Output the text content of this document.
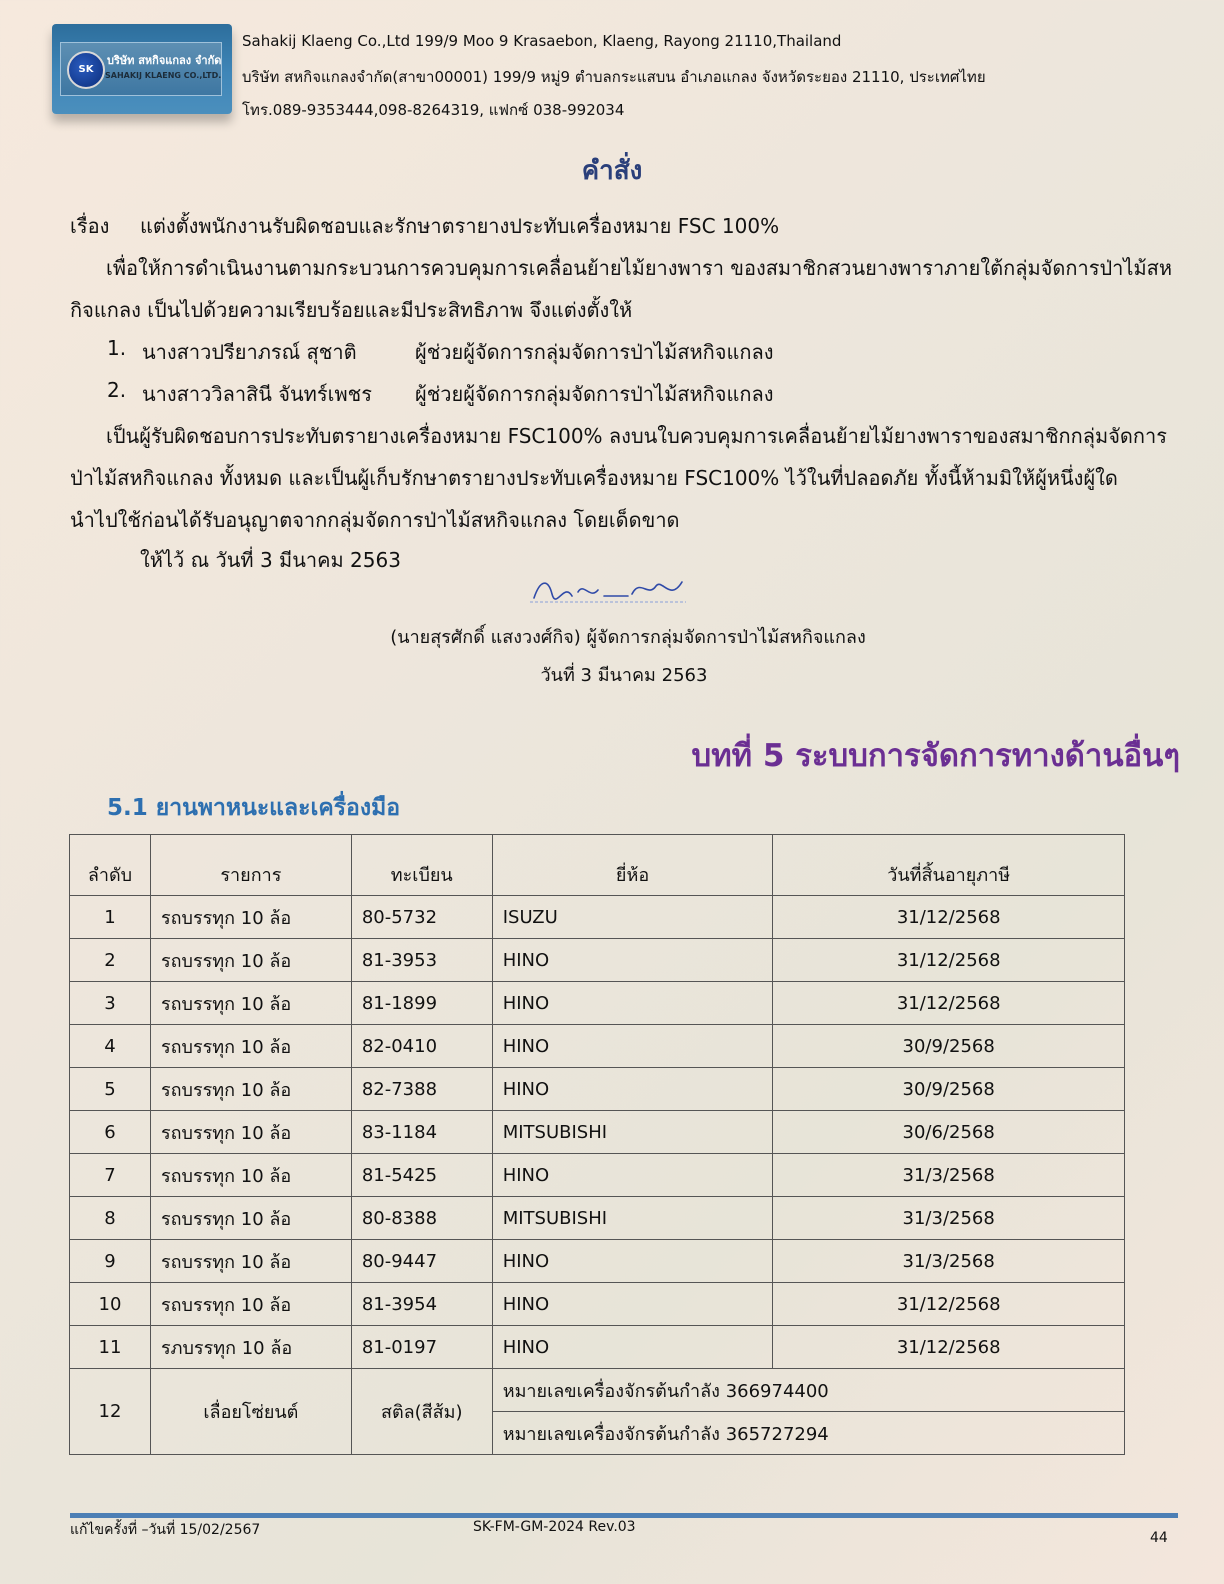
SK
บริษัท สหกิจแกลง จำกัด
SAHAKIJ KLAENG CO.,LTD.
Sahakij Klaeng Co.,Ltd 199/9 Moo 9 Krasaebon, Klaeng, Rayong 21110,Thailand
บริษัท สหกิจแกลงจำกัด(สาขา00001) 199/9 หมู่9 ตำบลกระแสบน อำเภอแกลง จังหวัดระยอง 21110, ประเทศไทย
โทร.089-9353444,098-8264319, แฟกซ์ 038-992034
คำสั่ง
เรื่อง แต่งตั้งพนักงานรับผิดชอบและรักษาตรายางประทับเครื่องหมาย FSC 100%
เพื่อให้การดำเนินงานตามกระบวนการควบคุมการเคลื่อนย้ายไม้ยางพารา ของสมาชิกสวนยางพาราภายใต้กลุ่มจัดการป่าไม้สห
กิจแกลง เป็นไปด้วยความเรียบร้อยและมีประสิทธิภาพ จึงแต่งตั้งให้
1. นางสาวปรียาภรณ์ สุชาติ	ผู้ช่วยผู้จัดการกลุ่มจัดการป่าไม้สหกิจแกลง
2. นางสาววิลาสินี จันทร์เพชร ผู้ช่วยผู้จัดการกลุ่มจัดการป่าไม้สหกิจแกลง
เป็นผู้รับผิดชอบการประทับตรายางเครื่องหมาย FSC100% ลงบนใบควบคุมการเคลื่อนย้ายไม้ยางพาราของสมาชิกกลุ่มจัดการ
ป่าไม้สหกิจแกลง ทั้งหมด และเป็นผู้เก็บรักษาตรายางประทับเครื่องหมาย FSC100% ไว้ในที่ปลอดภัย ทั้งนี้ห้ามมิให้ผู้หนึ่งผู้ใด
นำไปใช้ก่อนได้รับอนุญาตจากกลุ่มจัดการป่าไม้สหกิจแกลง โดยเด็ดขาด
ให้ไว้ ณ วันที่ 3 มีนาคม 2563
(นายสุรศักดิ์ แสงวงศ์กิจ) ผู้จัดการกลุ่มจัดการป่าไม้สหกิจแกลง
วันที่ 3 มีนาคม 2563
บทที่ 5 ระบบการจัดการทางด้านอื่นๆ
5.1 ยานพาหนะและเครื่องมือ
ลำดับ	รายการ	ทะเบียน	ยี่ห้อ	วันที่สิ้นอายุภาษี
1	รถบรรทุก 10 ล้อ	80-5732	ISUZU	31/12/2568
2	รถบรรทุก 10 ล้อ	81-3953	HINO	31/12/2568
3	รถบรรทุก 10 ล้อ	81-1899	HINO	31/12/2568
4	รถบรรทุก 10 ล้อ	82-0410	HINO	30/9/2568
5	รถบรรทุก 10 ล้อ	82-7388	HINO	30/9/2568
6	รถบรรทุก 10 ล้อ	83-1184	MITSUBISHI	30/6/2568
7	รถบรรทุก 10 ล้อ	81-5425	HINO	31/3/2568
8	รถบรรทุก 10 ล้อ	80-8388	MITSUBISHI	31/3/2568
9	รถบรรทุก 10 ล้อ	80-9447	HINO	31/3/2568
10	รถบรรทุก 10 ล้อ	81-3954	HINO	31/12/2568
11	รภบรรทุก 10 ล้อ	81-0197	HINO	31/12/2568
12	เลื่อยโซ่ยนต์	สติล(สีส้ม)	หมายเลขเครื่องจักรต้นกำลัง 366974400	
			หมายเลขเครื่องจักรต้นกำลัง 365727294	
แก้ไขครั้งที่ –วันที่ 15/02/2567	SK-FM-GM-2024 Rev.03
44
